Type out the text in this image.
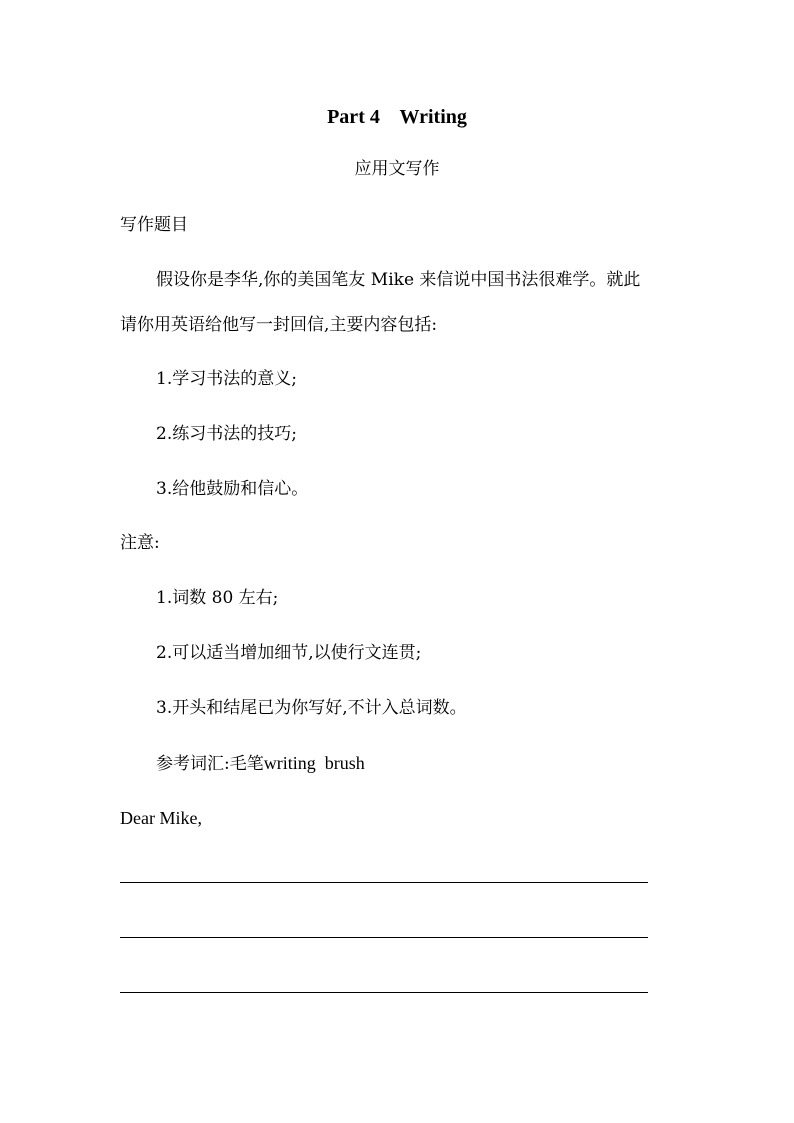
Part 4    Writing
应用文写作
写作题目
假设你是李华,你的美国笔友 Mike 来信说中国书法很难学。就此
请你用英语给他写一封回信,主要内容包括:
1.学习书法的意义;
2.练习书法的技巧;
3.给他鼓励和信心。
注意:
1.词数 80 左右;
2.可以适当增加细节,以使行文连贯;
3.开头和结尾已为你写好,不计入总词数。
参考词汇:毛笔writing  brush
Dear Mike,
